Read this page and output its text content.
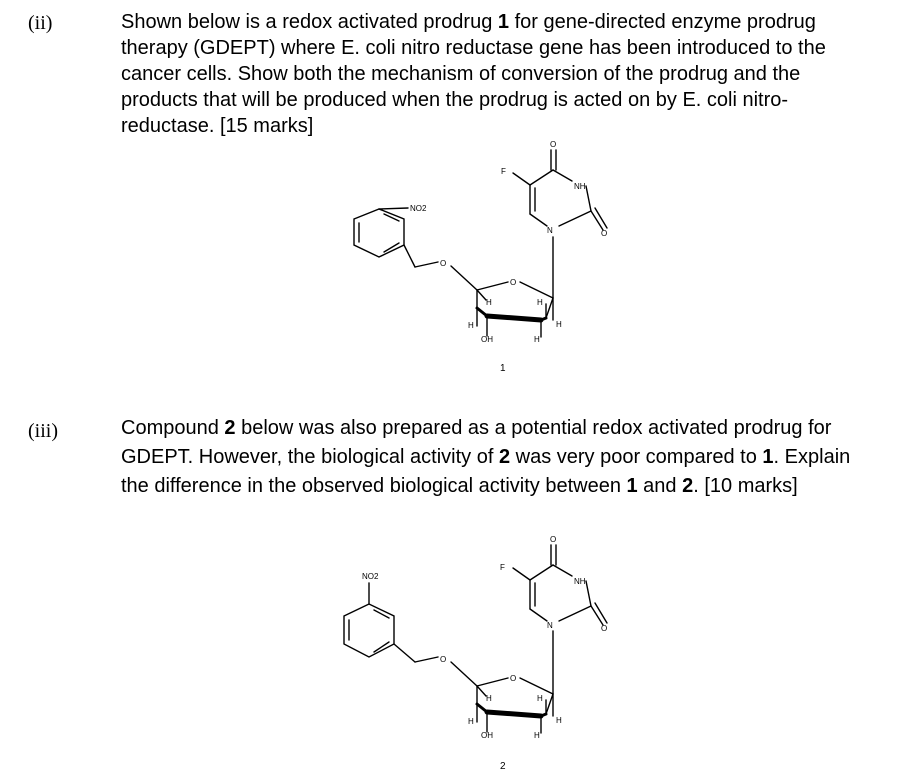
(ii)	Shown below is a redox activated prodrug 1 for gene-directed enzyme prodrug therapy (GDEPT) where E. coli nitro reductase gene has been introduced to the cancer cells. Show both the mechanism of conversion of the prodrug and the products that will be produced when the prodrug is acted on by E. coli nitro-reductase. [15 marks]

NO2
F
NH
N
O
O
O
O
OH
H	H
H
H
H
1
(iii)	Compound 2 below was also prepared as a potential redox activated prodrug for GDEPT. However, the biological activity of 2 was very poor compared to 1. Explain the difference in the observed biological activity between 1 and 2. [10 marks]

NO2
F
NH
N
O
O
O
O
OH
H	H
H
H
H
2
